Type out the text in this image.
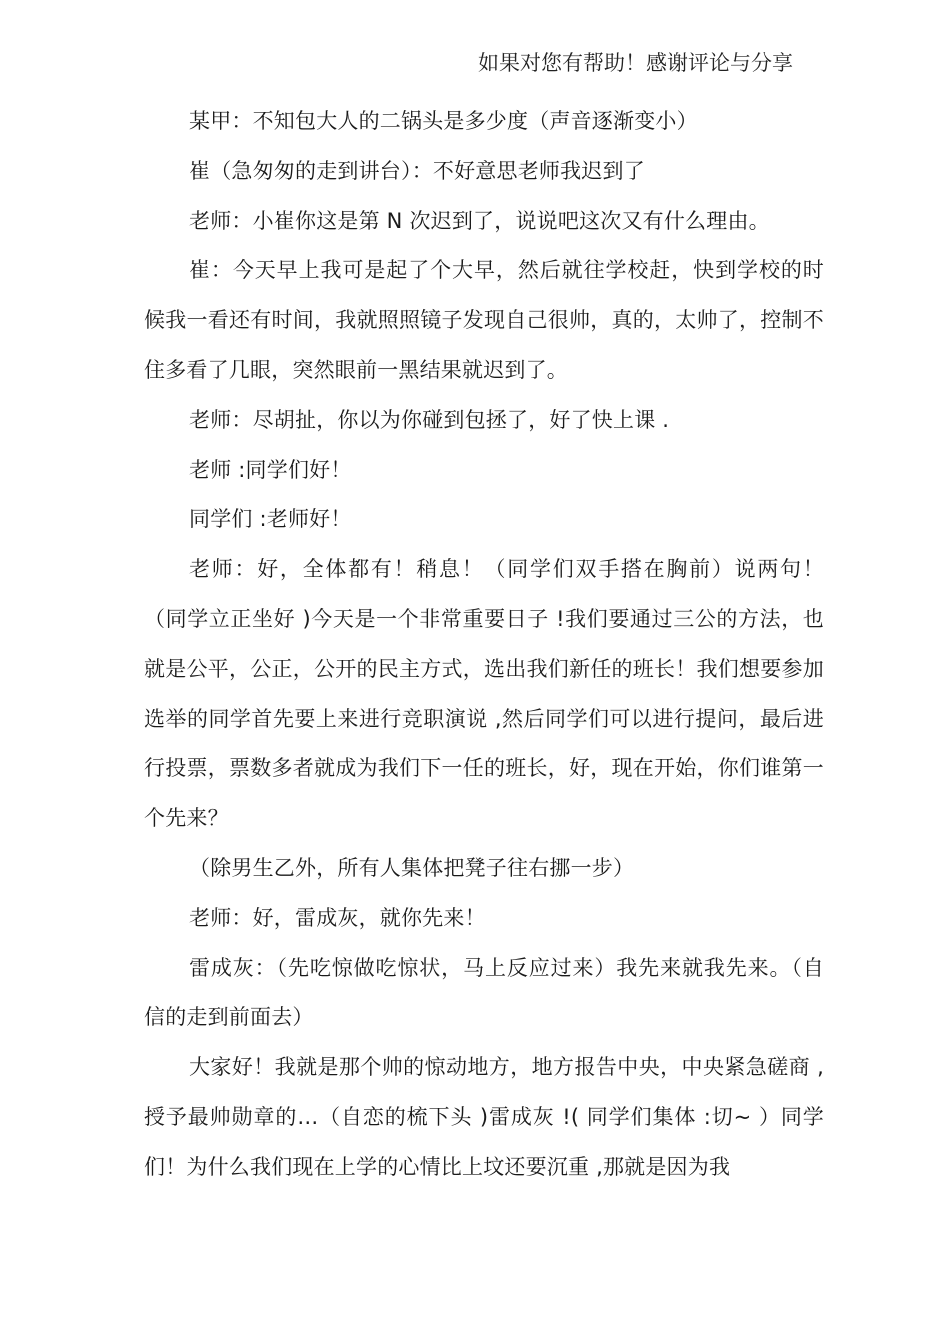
如果对您有帮助！感谢评论与分享

某甲：不知包大人的二锅头是多少度（声音逐渐变小）

崔（急匆匆的走到讲台）：不好意思老师我迟到了

老师：小崔你这是第 N 次迟到了，说说吧这次又有什么理由。

崔：今天早上我可是起了个大早，然后就往学校赶，快到学校的时候我一看还有时间，我就照照镜子发现自己很帅，真的，太帅了，控制不住多看了几眼，突然眼前一黑结果就迟到了。

老师：尽胡扯，你以为你碰到包拯了，好了快上课 .

老师 :同学们好！

同学们 :老师好！

老师：好，全体都有！稍息！（同学们双手搭在胸前）说两句！（同学立正坐好 )今天是一个非常重要日子 !我们要通过三公的方法，也就是公平，公正，公开的民主方式，选出我们新任的班长！我们想要参加选举的同学首先要上来进行竞职演说 ,然后同学们可以进行提问，最后进行投票，票数多者就成为我们下一任的班长，好，现在开始，你们谁第一个先来？

（除男生乙外，所有人集体把凳子往右挪一步）

老师：好，雷成灰，就你先来！

雷成灰：（先吃惊做吃惊状，马上反应过来）我先来就我先来。（自信的走到前面去）

大家好！我就是那个帅的惊动地方，地方报告中央，中央紧急磋商 ,授予最帅勋章的…（自恋的梳下头 )雷成灰 !( 同学们集体 :切~ ）同学们！为什么我们现在上学的心情比上坟还要沉重 ,那就是因为我
